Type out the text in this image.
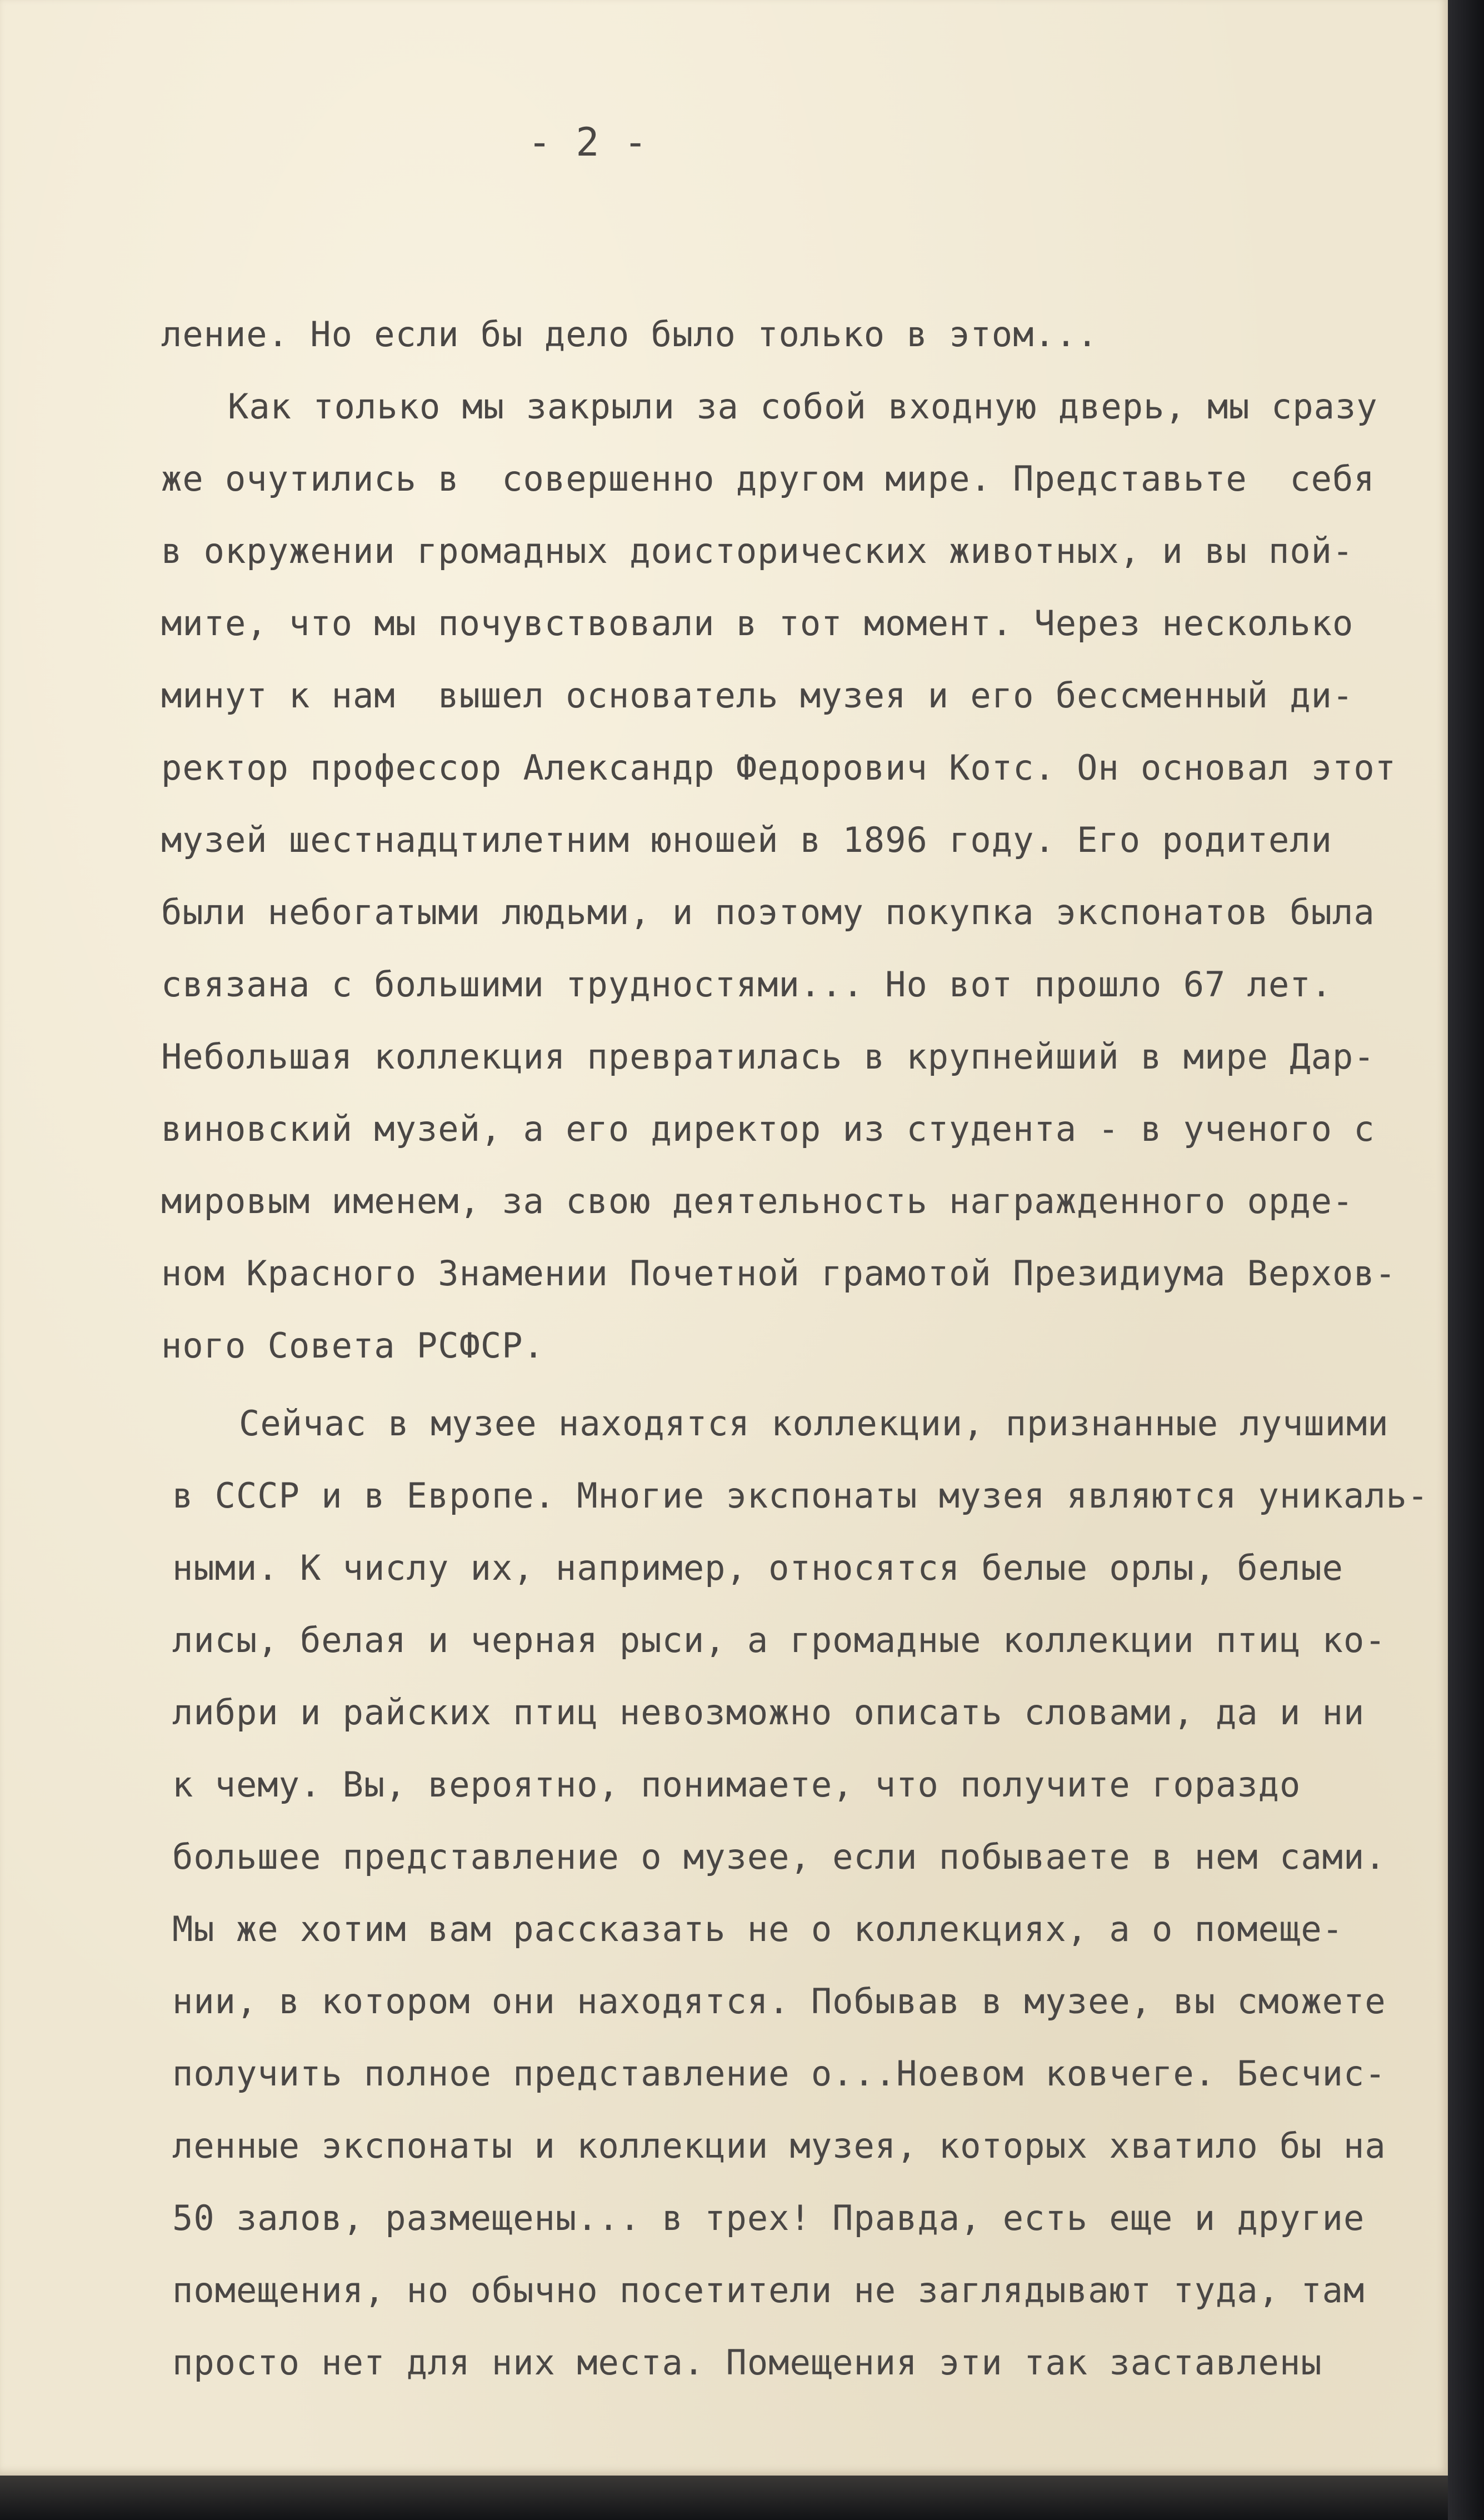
- 2 -
ление. Но если бы дело было только в этом...
Как только мы закрыли за собой входную дверь, мы сразу
же очутились в  совершенно другом мире. Представьте  себя
в окружении громадных доисторических животных, и вы пой-
мите, что мы почувствовали в тот момент. Через несколько
минут к нам  вышел основатель музея и его бессменный ди-
ректор профессор Александр Федорович Котс. Он основал этот
музей шестнадцтилетним юношей в 1896 году. Его родители
были небогатыми людьми, и поэтому покупка экспонатов была
связана с большими трудностями... Но вот прошло 67 лет.
Небольшая коллекция превратилась в крупнейший в мире Дар-
виновский музей, а его директор из студента - в ученого с
мировым именем, за свою деятельность награжденного орде-
ном Красного Знамении Почетной грамотой Президиума Верхов-
ного Совета РСФСР.
Сейчас в музее находятся коллекции, признанные лучшими
в СССР и в Европе. Многие экспонаты музея являются уникаль-
ными. К числу их, например, относятся белые орлы, белые
лисы, белая и черная рыси, а громадные коллекции птиц ко-
либри и райских птиц невозможно описать словами, да и ни
к чему. Вы, вероятно, понимаете, что получите гораздо
большее представление о музее, если побываете в нем сами.
Мы же хотим вам рассказать не о коллекциях, а о помеще-
нии, в котором они находятся. Побывав в музее, вы сможете
получить полное представление о...Ноевом ковчеге. Бесчис-
ленные экспонаты и коллекции музея, которых хватило бы на
50 залов, размещены... в трех! Правда, есть еще и другие
помещения, но обычно посетители не заглядывают туда, там
просто нет для них места. Помещения эти так заставлены
